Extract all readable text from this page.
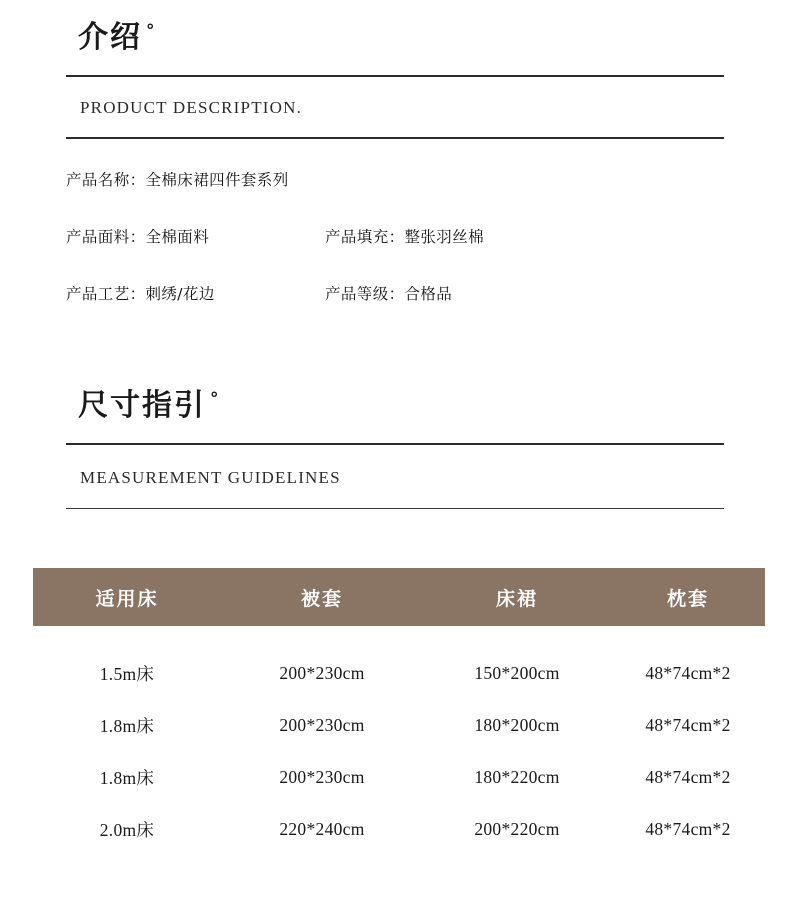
介绍 °
PRODUCT DESCRIPTION.
产品名称：全棉床裙四件套系列
产品面料：全棉面料	产品填充：整张羽丝棉
产品工艺：刺绣/花边	产品等级：合格品
尺寸指引 °
MEASUREMENT GUIDELINES
适用床	被套	床裙	枕套
1.5m床	200*230cm	150*200cm	48*74cm*2
1.8m床	200*230cm	180*200cm	48*74cm*2
1.8m床	200*230cm	180*220cm	48*74cm*2
2.0m床	220*240cm	200*220cm	48*74cm*2
